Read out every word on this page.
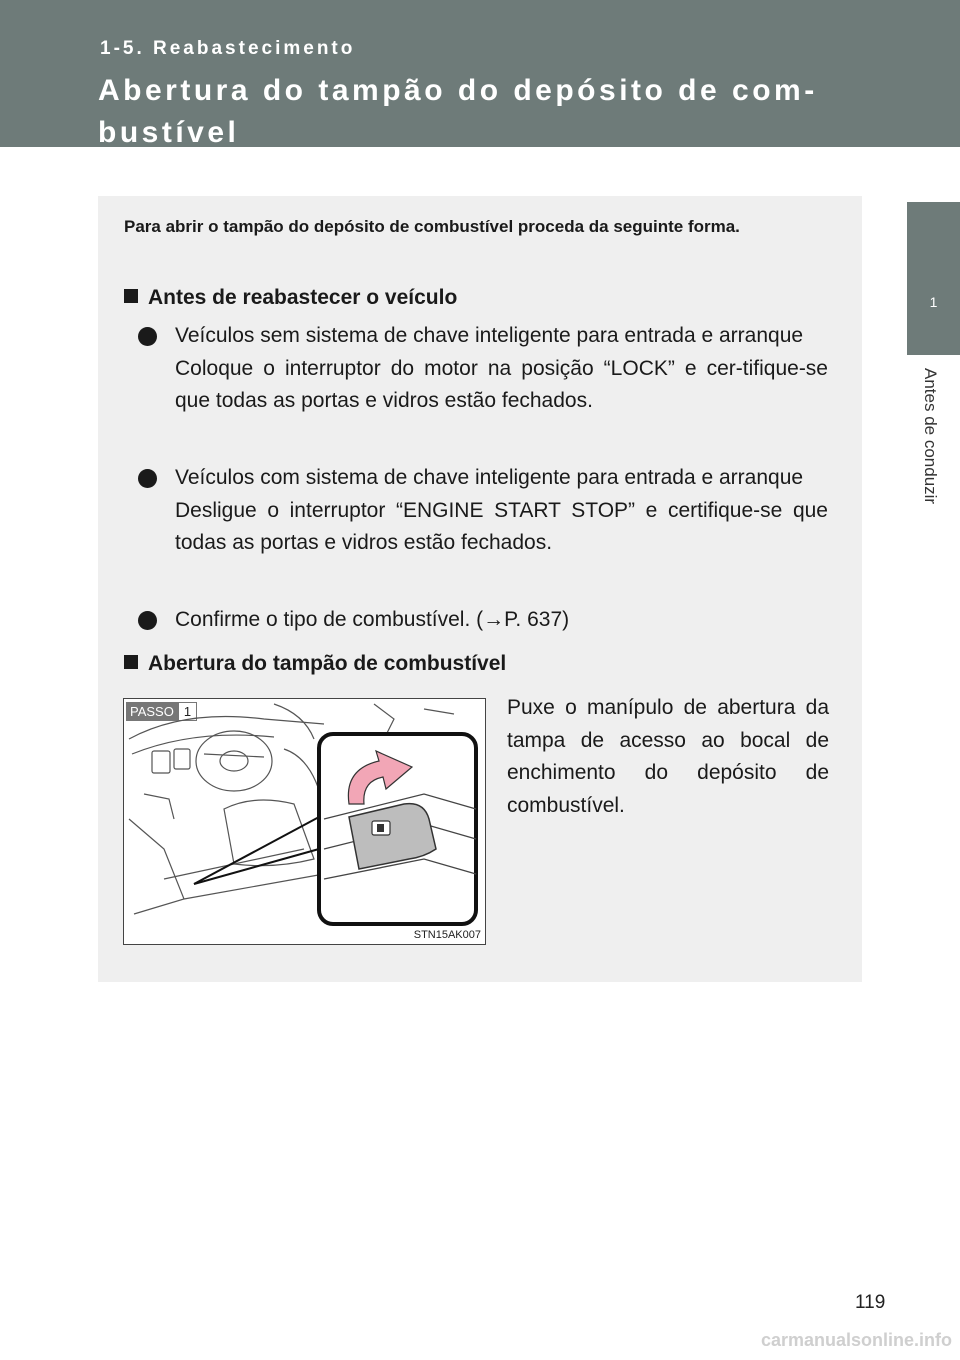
1-5. Reabastecimento
Abertura do tampão do depósito de com-bustível
1
Antes de conduzir
Para abrir o tampão do depósito de combustível proceda da seguinte forma.
Antes de reabastecer o veículo
Veículos sem sistema de chave inteligente para entrada e arranque
Coloque o interruptor do motor na posição “LOCK” e cer-tifique-se que todas as portas e vidros estão fechados.
Veículos com sistema de chave inteligente para entrada e arranque
Desligue o interruptor “ENGINE START STOP” e certifique-se que todas as portas e vidros estão fechados.
Confirme o tipo de combustível. (→P. 637)
Abertura do tampão de combustível
PASSO 1
STN15AK007
Puxe o manípulo de abertura da tampa de acesso ao bocal de enchimento do depósito de combustível.
119
carmanualsonline.info
